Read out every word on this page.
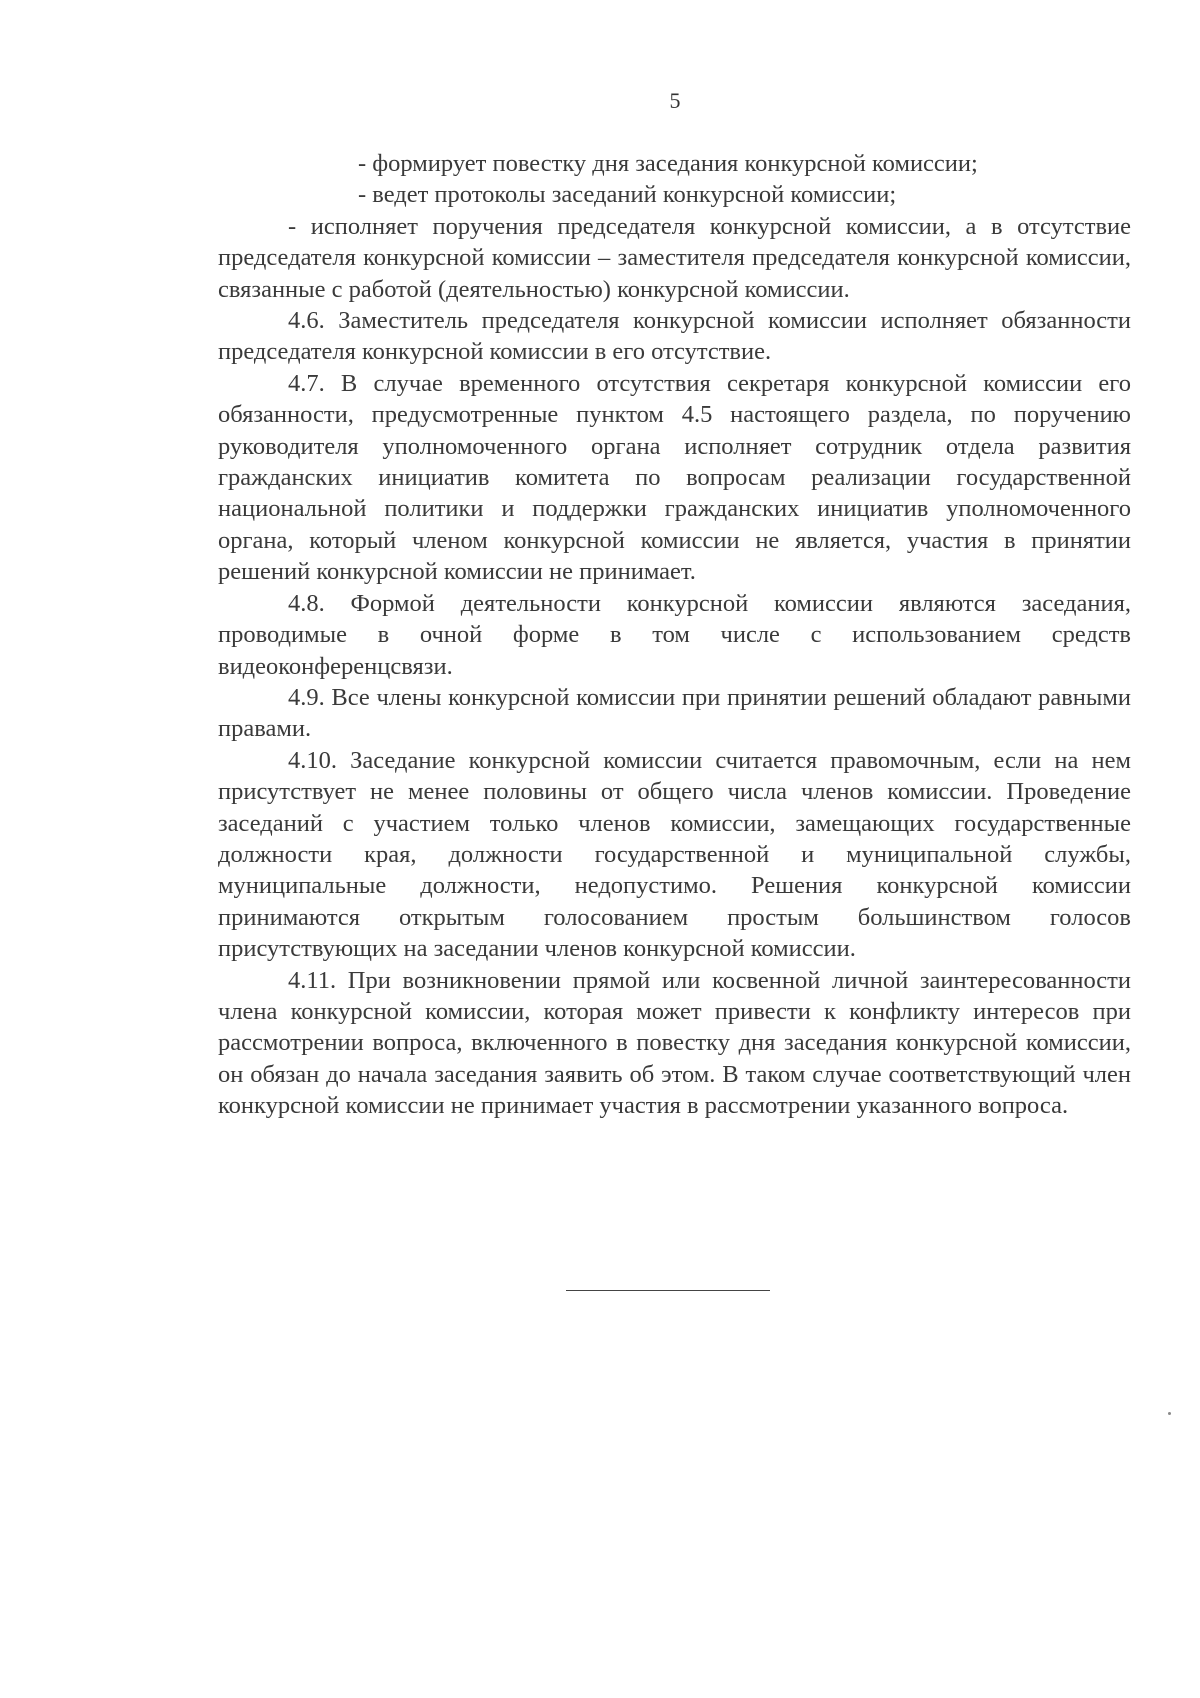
5

- формирует повестку дня заседания конкурсной комиссии;

- ведет протоколы заседаний конкурсной комиссии;

- исполняет поручения председателя конкурсной комиссии, а в отсутствие председателя конкурсной комиссии – заместителя председателя конкурсной комиссии, связанные с работой (деятельностью) конкурсной комиссии.

4.6. Заместитель председателя конкурсной комиссии исполняет обязанности председателя конкурсной комиссии в его отсутствие.

4.7. В случае временного отсутствия секретаря конкурсной комиссии его обязанности, предусмотренные пунктом 4.5 настоящего раздела, по поручению руководителя уполномоченного органа исполняет сотрудник отдела развития гражданских инициатив комитета по вопросам реализации государственной национальной политики и поддержки гражданских инициатив уполномоченного органа, который членом конкурсной комиссии не является, участия в принятии решений конкурсной комиссии не принимает.

4.8. Формой деятельности конкурсной комиссии являются заседания, проводимые в очной форме в том числе с использованием средств видеоконференцсвязи.

4.9. Все члены конкурсной комиссии при принятии решений обладают равными правами.

4.10. Заседание конкурсной комиссии считается правомочным, если на нем присутствует не менее половины от общего числа членов комиссии. Проведение заседаний с участием только членов комиссии, замещающих государственные должности края, должности государственной и муниципальной службы, муниципальные должности, недопустимо. Решения конкурсной комиссии принимаются открытым голосованием простым большинством голосов присутствующих на заседании членов конкурсной комиссии.

4.11. При возникновении прямой или косвенной личной заинтересованности члена конкурсной комиссии, которая может привести к конфликту интересов при рассмотрении вопроса, включенного в повестку дня заседания конкурсной комиссии, он обязан до начала заседания заявить об этом. В таком случае соответствующий член конкурсной комиссии не принимает участия в рассмотрении указанного вопроса.
